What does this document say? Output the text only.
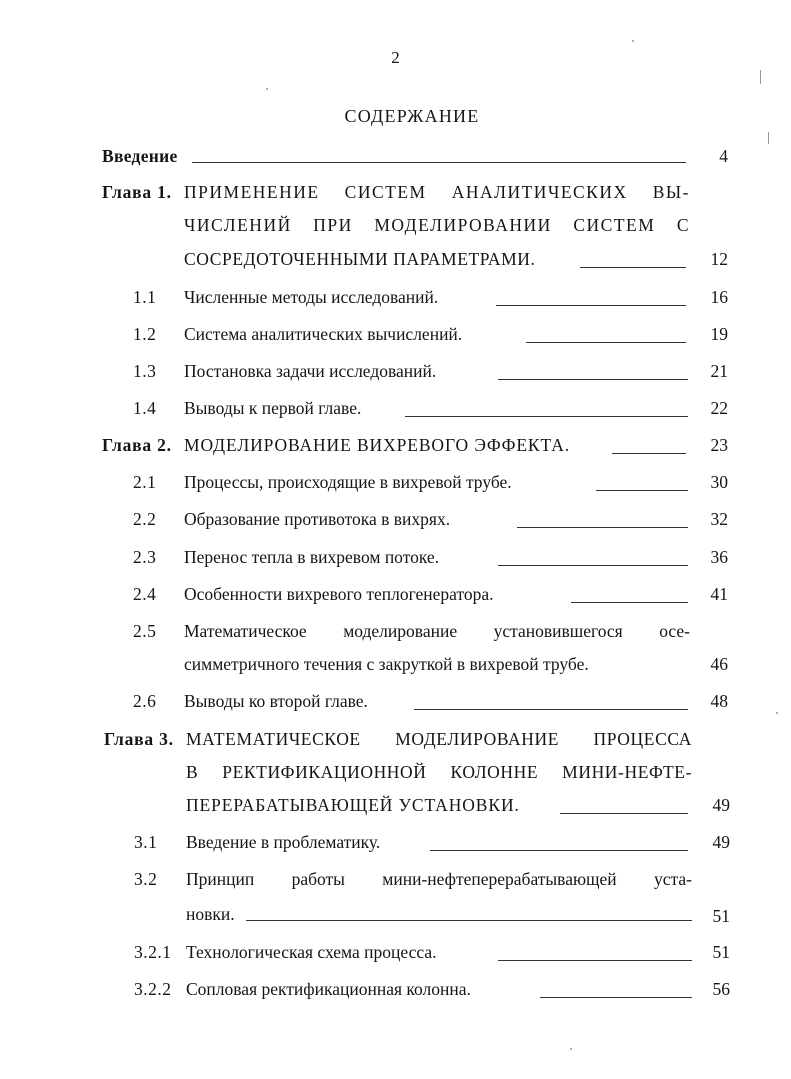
2
СОДЕРЖАНИЕ
Введение	4
Глава 1. ПРИМЕНЕНИЕ СИСТЕМ АНАЛИТИЧЕСКИХ ВЫ-
ЧИСЛЕНИЙ ПРИ МОДЕЛИРОВАНИИ СИСТЕМ С
СОСРЕДОТОЧЕННЫМИ ПАРАМЕТРАМИ.	12
1.1 Численные методы исследований.	16
1.2 Система аналитических вычислений.	19
1.3 Постановка задачи исследований.	21
1.4 Выводы к первой главе.	22
Глава 2. МОДЕЛИРОВАНИЕ ВИХРЕВОГО ЭФФЕКТА.	23
2.1 Процессы, происходящие в вихревой трубе.	30
2.2 Образование противотока в вихрях.	32
2.3 Перенос тепла в вихревом потоке.	36
2.4 Особенности вихревого теплогенератора.	41
2.5 Математическое моделирование установившегося осе-
симметричного течения с закруткой в вихревой трубе.	46
2.6 Выводы ко второй главе.	48
Глава 3. МАТЕМАТИЧЕСКОЕ МОДЕЛИРОВАНИЕ ПРОЦЕССА
В РЕКТИФИКАЦИОННОЙ КОЛОННЕ МИНИ-НЕФТЕ-
ПЕРЕРАБАТЫВАЮЩЕЙ УСТАНОВКИ.	49
3.1 Введение в проблематику.	49
3.2 Принцип работы мини-нефтеперерабатывающей уста-
новки.	51
3.2.1 Технологическая схема процесса.	51
3.2.2 Сопловая ректификационная колонна.	56
